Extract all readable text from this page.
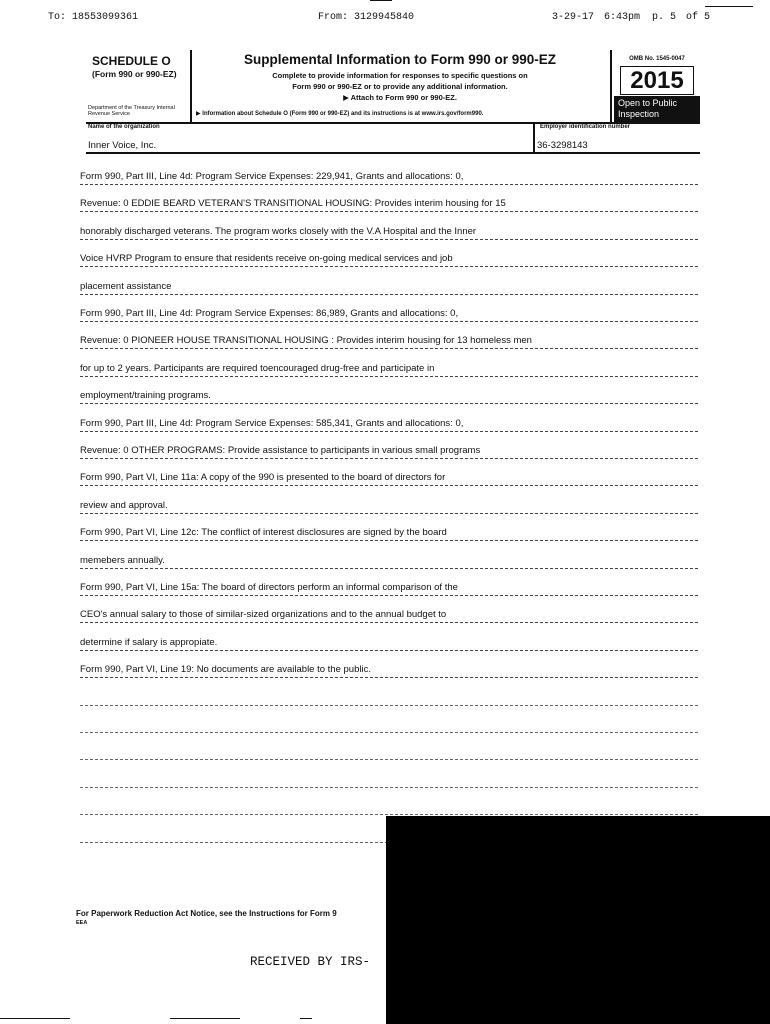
To: 18553099361	From: 3129945840	3-29-17 6:43pm p. 5 of 5
SCHEDULE O
(Form 990 or 990-EZ)
Department of the Treasury Internal Revenue Service
Supplemental Information to Form 990 or 990-EZ
Complete to provide information for responses to specific questions on
Form 990 or 990-EZ or to provide any additional information.
▶ Attach to Form 990 or 990-EZ.
▶ Information about Schedule O (Form 990 or 990-EZ) and its instructions is at www.irs.gov/form990.
OMB No. 1545-0047
2015
Open to Public Inspection
Name of the organization
Inner Voice, Inc.
Employer identification number
36-3298143
Form 990, Part III, Line 4d: Program Service Expenses: 229,941, Grants and allocations: 0,
Revenue: 0 EDDIE BEARD VETERAN'S TRANSITIONAL HOUSING: Provides interim housing for 15
honorably discharged veterans. The program works closely with the V.A Hospital and the Inner
Voice HVRP Program to ensure that residents receive on-going medical services and job
placement assistance
Form 990, Part III, Line 4d: Program Service Expenses: 86,989, Grants and allocations: 0,
Revenue: 0 PIONEER HOUSE TRANSITIONAL HOUSING : Provides interim housing for 13 homeless men
for up to 2 years. Participants are required toencouraged drug-free and participate in
employment/training programs.
Form 990, Part III, Line 4d: Program Service Expenses: 585,341, Grants and allocations: 0,
Revenue: 0 OTHER PROGRAMS: Provide assistance to participants in various small programs
Form 990, Part VI, Line 11a: A copy of the 990 is presented to the board of directors for
review and approval.
Form 990, Part VI, Line 12c: The conflict of interest disclosures are signed by the board
memebers annually.
Form 990, Part VI, Line 15a: The board of directors perform an informal comparison of the
CEO's annual salary to those of similar-sized organizations and to the annual budget to
determine if salary is appropiate.
Form 990, Part VI, Line 19: No documents are available to the public.
For Paperwork Reduction Act Notice, see the Instructions for Form 9
EEA
RECEIVED BY IRS-
